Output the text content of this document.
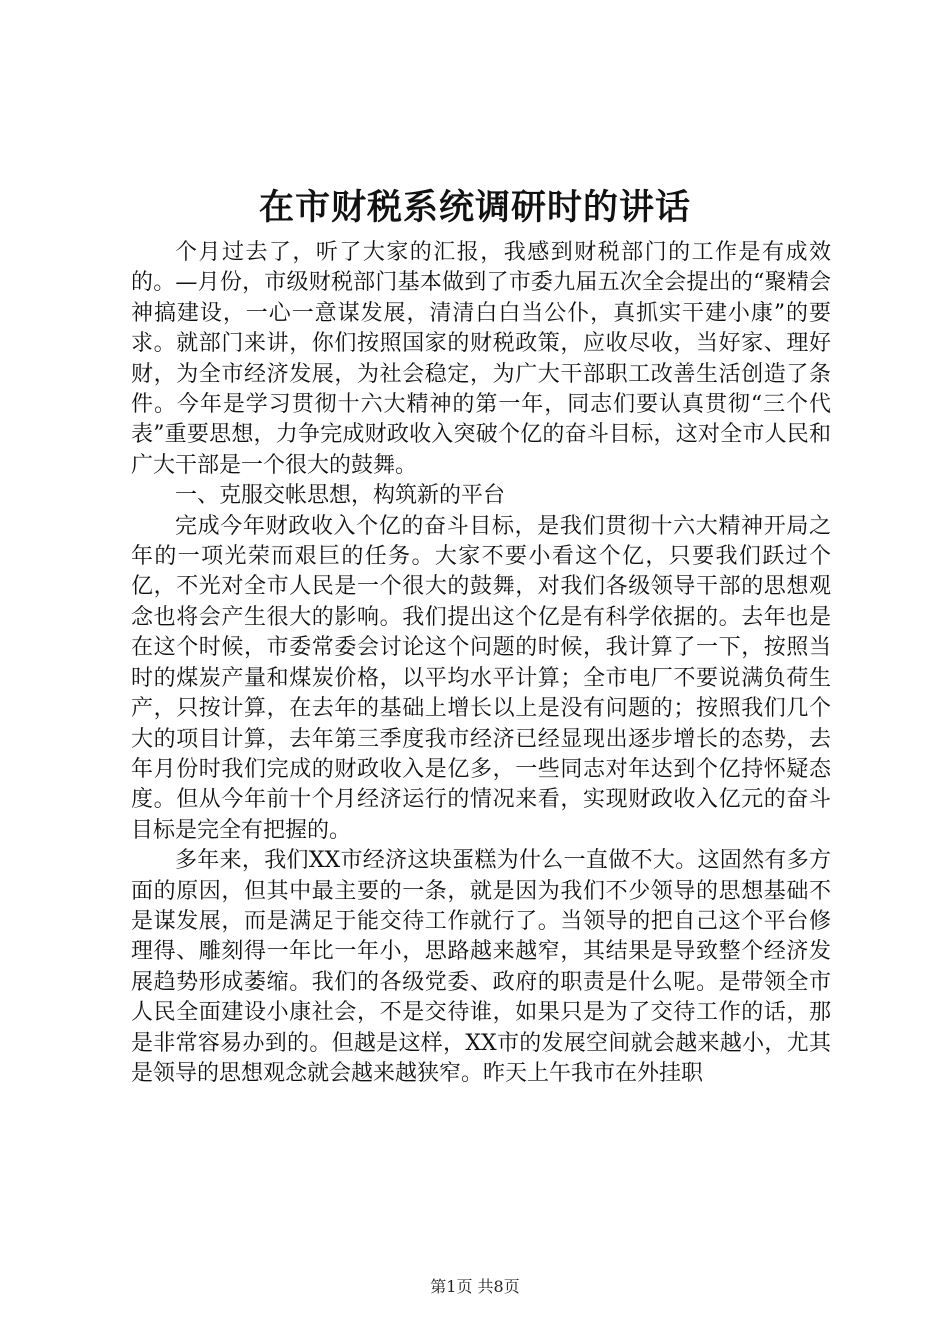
在市财税系统调研时的讲话

个月过去了，听了大家的汇报，我感到财税部门的工作是有成效的。—月份，市级财税部门基本做到了市委九届五次全会提出的“聚精会神搞建设，一心一意谋发展，清清白白当公仆，真抓实干建小康”的要求。就部门来讲，你们按照国家的财税政策，应收尽收，当好家、理好财，为全市经济发展，为社会稳定，为广大干部职工改善生活创造了条件。今年是学习贯彻十六大精神的第一年，同志们要认真贯彻“三个代表”重要思想，力争完成财政收入突破个亿的奋斗目标，这对全市人民和广大干部是一个很大的鼓舞。

一、克服交帐思想，构筑新的平台

完成今年财政收入个亿的奋斗目标，是我们贯彻十六大精神开局之年的一项光荣而艰巨的任务。大家不要小看这个亿，只要我们跃过个亿，不光对全市人民是一个很大的鼓舞，对我们各级领导干部的思想观念也将会产生很大的影响。我们提出这个亿是有科学依据的。去年也是在这个时候，市委常委会讨论这个问题的时候，我计算了一下，按照当时的煤炭产量和煤炭价格，以平均水平计算；全市电厂不要说满负荷生产，只按计算，在去年的基础上增长以上是没有问题的；按照我们几个大的项目计算，去年第三季度我市经济已经显现出逐步增长的态势，去年月份时我们完成的财政收入是亿多，一些同志对年达到个亿持怀疑态度。但从今年前十个月经济运行的情况来看，实现财政收入亿元的奋斗目标是完全有把握的。

多年来，我们XX市经济这块蛋糕为什么一直做不大。这固然有多方面的原因，但其中最主要的一条，就是因为我们不少领导的思想基础不是谋发展，而是满足于能交待工作就行了。当领导的把自己这个平台修理得、雕刻得一年比一年小，思路越来越窄，其结果是导致整个经济发展趋势形成萎缩。我们的各级党委、政府的职责是什么呢。是带领全市人民全面建设小康社会，不是交待谁，如果只是为了交待工作的话，那是非常容易办到的。但越是这样，XX市的发展空间就会越来越小，尤其是领导的思想观念就会越来越狭窄。昨天上午我市在外挂职

第1页 共8页
